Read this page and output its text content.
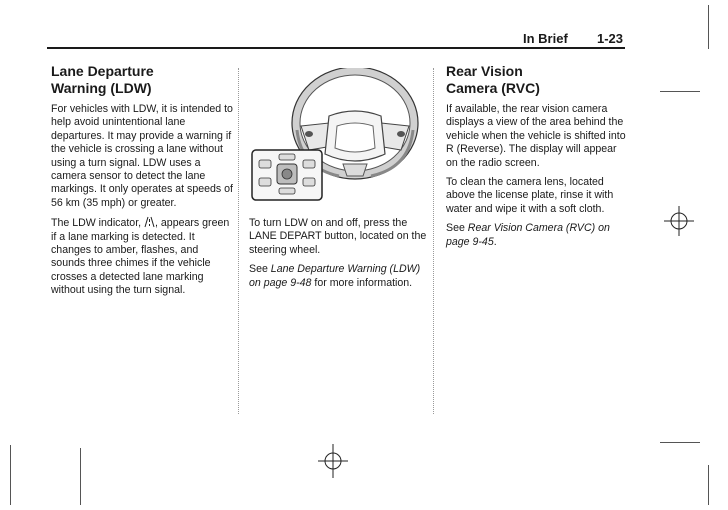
In Brief 1-23
Lane Departure
Warning (LDW)

For vehicles with LDW, it is intended to help avoid unintentional lane departures. It may provide a warning if the vehicle is crossing a lane without using a turn signal. LDW uses a camera sensor to detect the lane markings. It only operates at speeds of 56 km (35 mph) or greater.

The LDW indicator, , appears green if a lane marking is detected. It changes to amber, flashes, and sounds three chimes if the vehicle crosses a detected lane marking without using the turn signal.

To turn LDW on and off, press the LANE DEPART button, located on the steering wheel.

See Lane Departure Warning (LDW) on page 9-48 for more information.

Rear Vision
Camera (RVC)

If available, the rear vision camera displays a view of the area behind the vehicle when the vehicle is shifted into R (Reverse). The display will appear on the radio screen.

To clean the camera lens, located above the license plate, rinse it with water and wipe it with a soft cloth.

See Rear Vision Camera (RVC) on page 9-45.
